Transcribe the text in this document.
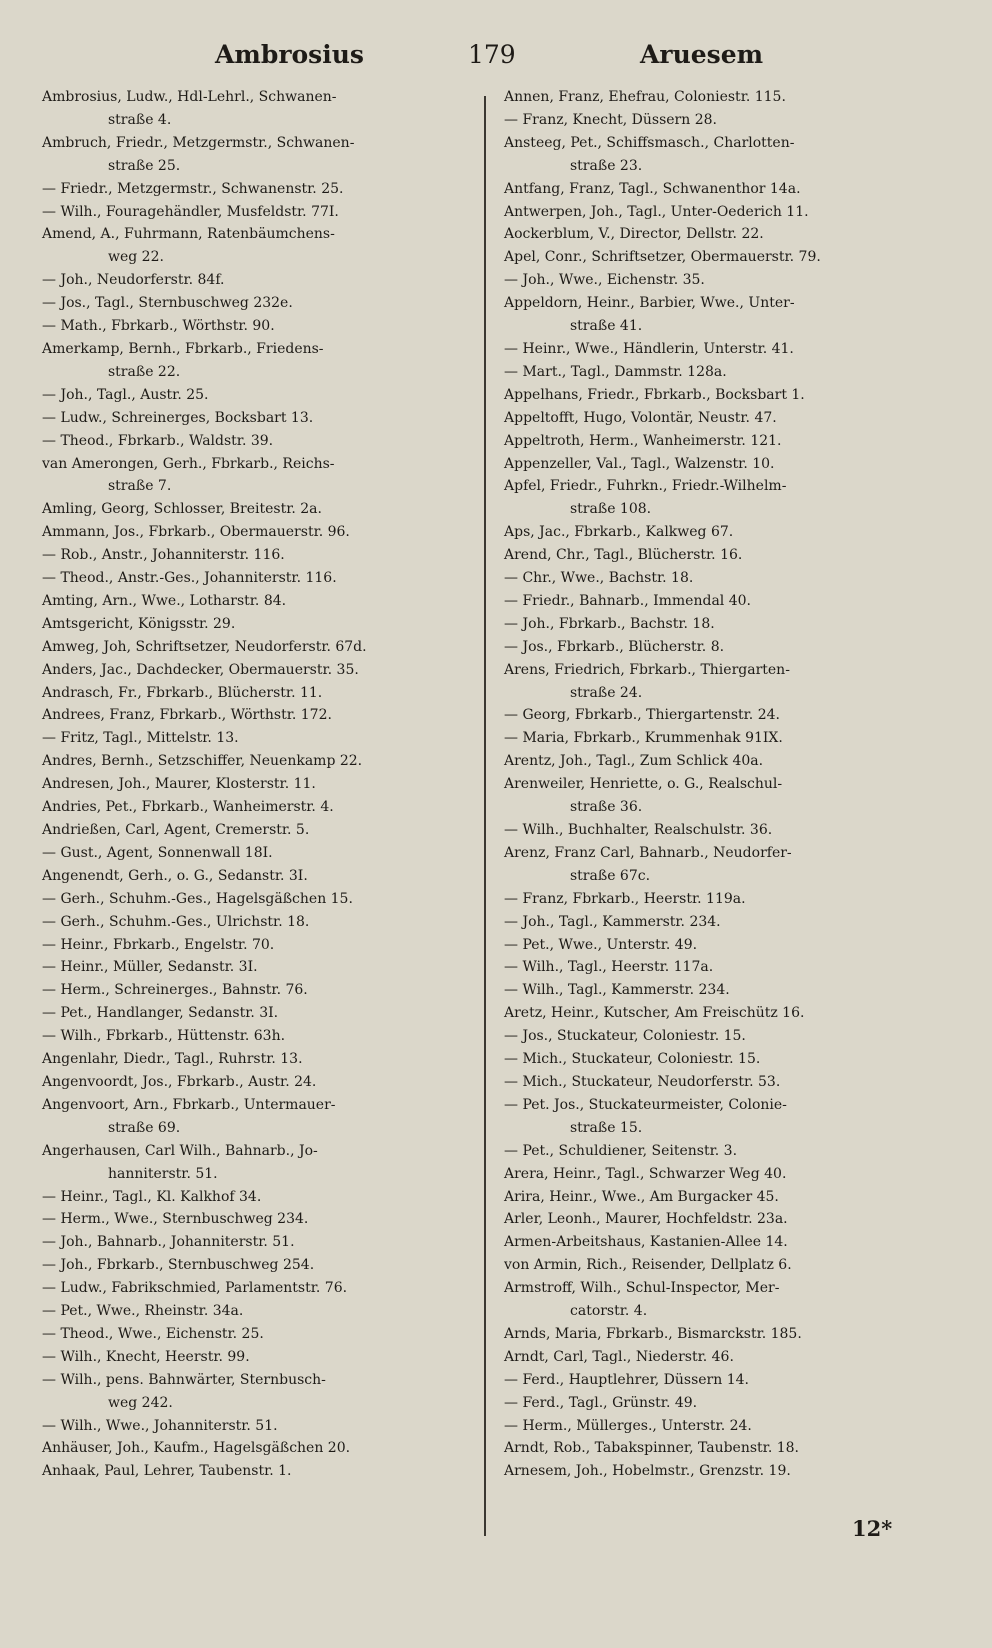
Ambrosius	179	Aruesem
Ambrosius, Ludw., Hdl-Lehrl., Schwanen-
straße 4.
Ambruch, Friedr., Metzgermstr., Schwanen-
straße 25.
— Friedr., Metzgermstr., Schwanenstr. 25.
— Wilh., Fouragehändler, Musfeldstr. 77I.
Amend, A., Fuhrmann, Ratenbäumchens-
weg 22.
— Joh., Neudorferstr. 84f.
— Jos., Tagl., Sternbuschweg 232e.
— Math., Fbrkarb., Wörthstr. 90.
Amerkamp, Bernh., Fbrkarb., Friedens-
straße 22.
— Joh., Tagl., Austr. 25.
— Ludw., Schreinerges, Bocksbart 13.
— Theod., Fbrkarb., Waldstr. 39.
van Amerongen, Gerh., Fbrkarb., Reichs-
straße 7.
Amling, Georg, Schlosser, Breitestr. 2a.
Ammann, Jos., Fbrkarb., Obermauerstr. 96.
— Rob., Anstr., Johanniterstr. 116.
— Theod., Anstr.-Ges., Johanniterstr. 116.
Amting, Arn., Wwe., Lotharstr. 84.
Amtsgericht, Königsstr. 29.
Amweg, Joh, Schriftsetzer, Neudorferstr. 67d.
Anders, Jac., Dachdecker, Obermauerstr. 35.
Andrasch, Fr., Fbrkarb., Blücherstr. 11.
Andrees, Franz, Fbrkarb., Wörthstr. 172.
— Fritz, Tagl., Mittelstr. 13.
Andres, Bernh., Setzschiffer, Neuenkamp 22.
Andresen, Joh., Maurer, Klosterstr. 11.
Andries, Pet., Fbrkarb., Wanheimerstr. 4.
Andrießen, Carl, Agent, Cremerstr. 5.
— Gust., Agent, Sonnenwall 18I.
Angenendt, Gerh., o. G., Sedanstr. 3I.
— Gerh., Schuhm.-Ges., Hagelsgäßchen 15.
— Gerh., Schuhm.-Ges., Ulrichstr. 18.
— Heinr., Fbrkarb., Engelstr. 70.
— Heinr., Müller, Sedanstr. 3I.
— Herm., Schreinerges., Bahnstr. 76.
— Pet., Handlanger, Sedanstr. 3I.
— Wilh., Fbrkarb., Hüttenstr. 63h.
Angenlahr, Diedr., Tagl., Ruhrstr. 13.
Angenvoordt, Jos., Fbrkarb., Austr. 24.
Angenvoort, Arn., Fbrkarb., Untermauer-
straße 69.
Angerhausen, Carl Wilh., Bahnarb., Jo-
hanniterstr. 51.
— Heinr., Tagl., Kl. Kalkhof 34.
— Herm., Wwe., Sternbuschweg 234.
— Joh., Bahnarb., Johanniterstr. 51.
— Joh., Fbrkarb., Sternbuschweg 254.
— Ludw., Fabrikschmied, Parlamentstr. 76.
— Pet., Wwe., Rheinstr. 34a.
— Theod., Wwe., Eichenstr. 25.
— Wilh., Knecht, Heerstr. 99.
— Wilh., pens. Bahnwärter, Sternbusch-
weg 242.
— Wilh., Wwe., Johanniterstr. 51.
Anhäuser, Joh., Kaufm., Hagelsgäßchen 20.
Anhaak, Paul, Lehrer, Taubenstr. 1.
Annen, Franz, Ehefrau, Coloniestr. 115.
— Franz, Knecht, Düssern 28.
Ansteeg, Pet., Schiffsmasch., Charlotten-
straße 23.
Antfang, Franz, Tagl., Schwanenthor 14a.
Antwerpen, Joh., Tagl., Unter-Oederich 11.
Aockerblum, V., Director, Dellstr. 22.
Apel, Conr., Schriftsetzer, Obermauerstr. 79.
— Joh., Wwe., Eichenstr. 35.
Appeldorn, Heinr., Barbier, Wwe., Unter-
straße 41.
— Heinr., Wwe., Händlerin, Unterstr. 41.
— Mart., Tagl., Dammstr. 128a.
Appelhans, Friedr., Fbrkarb., Bocksbart 1.
Appeltofft, Hugo, Volontär, Neustr. 47.
Appeltroth, Herm., Wanheimerstr. 121.
Appenzeller, Val., Tagl., Walzenstr. 10.
Apfel, Friedr., Fuhrkn., Friedr.-Wilhelm-
straße 108.
Aps, Jac., Fbrkarb., Kalkweg 67.
Arend, Chr., Tagl., Blücherstr. 16.
— Chr., Wwe., Bachstr. 18.
— Friedr., Bahnarb., Immendal 40.
— Joh., Fbrkarb., Bachstr. 18.
— Jos., Fbrkarb., Blücherstr. 8.
Arens, Friedrich, Fbrkarb., Thiergarten-
straße 24.
— Georg, Fbrkarb., Thiergartenstr. 24.
— Maria, Fbrkarb., Krummenhak 91IX.
Arentz, Joh., Tagl., Zum Schlick 40a.
Arenweiler, Henriette, o. G., Realschul-
straße 36.
— Wilh., Buchhalter, Realschulstr. 36.
Arenz, Franz Carl, Bahnarb., Neudorfer-
straße 67c.
— Franz, Fbrkarb., Heerstr. 119a.
— Joh., Tagl., Kammerstr. 234.
— Pet., Wwe., Unterstr. 49.
— Wilh., Tagl., Heerstr. 117a.
— Wilh., Tagl., Kammerstr. 234.
Aretz, Heinr., Kutscher, Am Freischütz 16.
— Jos., Stuckateur, Coloniestr. 15.
— Mich., Stuckateur, Coloniestr. 15.
— Mich., Stuckateur, Neudorferstr. 53.
— Pet. Jos., Stuckateurmeister, Colonie-
straße 15.
— Pet., Schuldiener, Seitenstr. 3.
Arera, Heinr., Tagl., Schwarzer Weg 40.
Arira, Heinr., Wwe., Am Burgacker 45.
Arler, Leonh., Maurer, Hochfeldstr. 23a.
Armen-Arbeitshaus, Kastanien-Allee 14.
von Armin, Rich., Reisender, Dellplatz 6.
Armstroff, Wilh., Schul-Inspector, Mer-
catorstr. 4.
Arnds, Maria, Fbrkarb., Bismarckstr. 185.
Arndt, Carl, Tagl., Niederstr. 46.
— Ferd., Hauptlehrer, Düssern 14.
— Ferd., Tagl., Grünstr. 49.
— Herm., Müllerges., Unterstr. 24.
Arndt, Rob., Tabakspinner, Taubenstr. 18.
Arnesem, Joh., Hobelmstr., Grenzstr. 19.
12*
